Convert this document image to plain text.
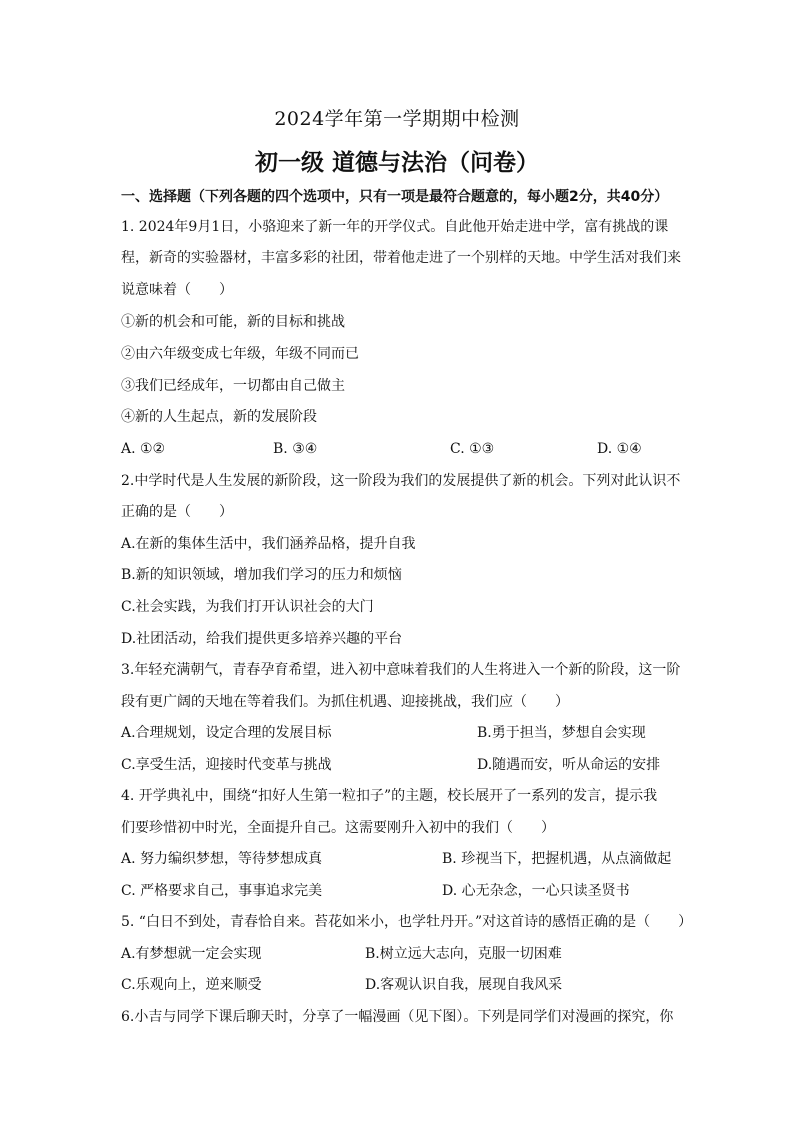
2024学年第一学期期中检测
初一级 道德与法治（问卷）
一、选择题（下列各题的四个选项中，只有一项是最符合题意的，每小题2分，共40分）
1. 2024年9月1日，小骆迎来了新一年的开学仪式。自此他开始走进中学，富有挑战的课
程，新奇的实验器材，丰富多彩的社团，带着他走进了一个别样的天地。中学生活对我们来
说意味着（　　）
①新的机会和可能，新的目标和挑战
②由六年级变成七年级，年级不同而已
③我们已经成年，一切都由自己做主
④新的人生起点，新的发展阶段
A. ①②	B. ③④	C. ①③	D. ①④
2.中学时代是人生发展的新阶段，这一阶段为我们的发展提供了新的机会。下列对此认识不
正确的是（　　）
A.在新的集体生活中，我们涵养品格，提升自我
B.新的知识领域，增加我们学习的压力和烦恼
C.社会实践，为我们打开认识社会的大门
D.社团活动，给我们提供更多培养兴趣的平台
3.年轻充满朝气，青春孕育希望，进入初中意味着我们的人生将进入一个新的阶段，这一阶
段有更广阔的天地在等着我们。为抓住机遇、迎接挑战，我们应（　　）
A.合理规划，设定合理的发展目标	B.勇于担当，梦想自会实现
C.享受生活，迎接时代变革与挑战	D.随遇而安，听从命运的安排
4. 开学典礼中，围绕“扣好人生第一粒扣子”的主题，校长展开了一系列的发言，提示我
们要珍惜初中时光，全面提升自己。这需要刚升入初中的我们（　　）
A. 努力编织梦想，等待梦想成真	B. 珍视当下，把握机遇，从点滴做起
C. 严格要求自己，事事追求完美	D. 心无杂念，一心只读圣贤书
5. “白日不到处，青春恰自来。苔花如米小，也学牡丹开。”对这首诗的感悟正确的是（　　）
A.有梦想就一定会实现	B.树立远大志向，克服一切困难
C.乐观向上，逆来顺受	D.客观认识自我，展现自我风采
6.小吉与同学下课后聊天时，分享了一幅漫画（见下图）。下列是同学们对漫画的探究，你
